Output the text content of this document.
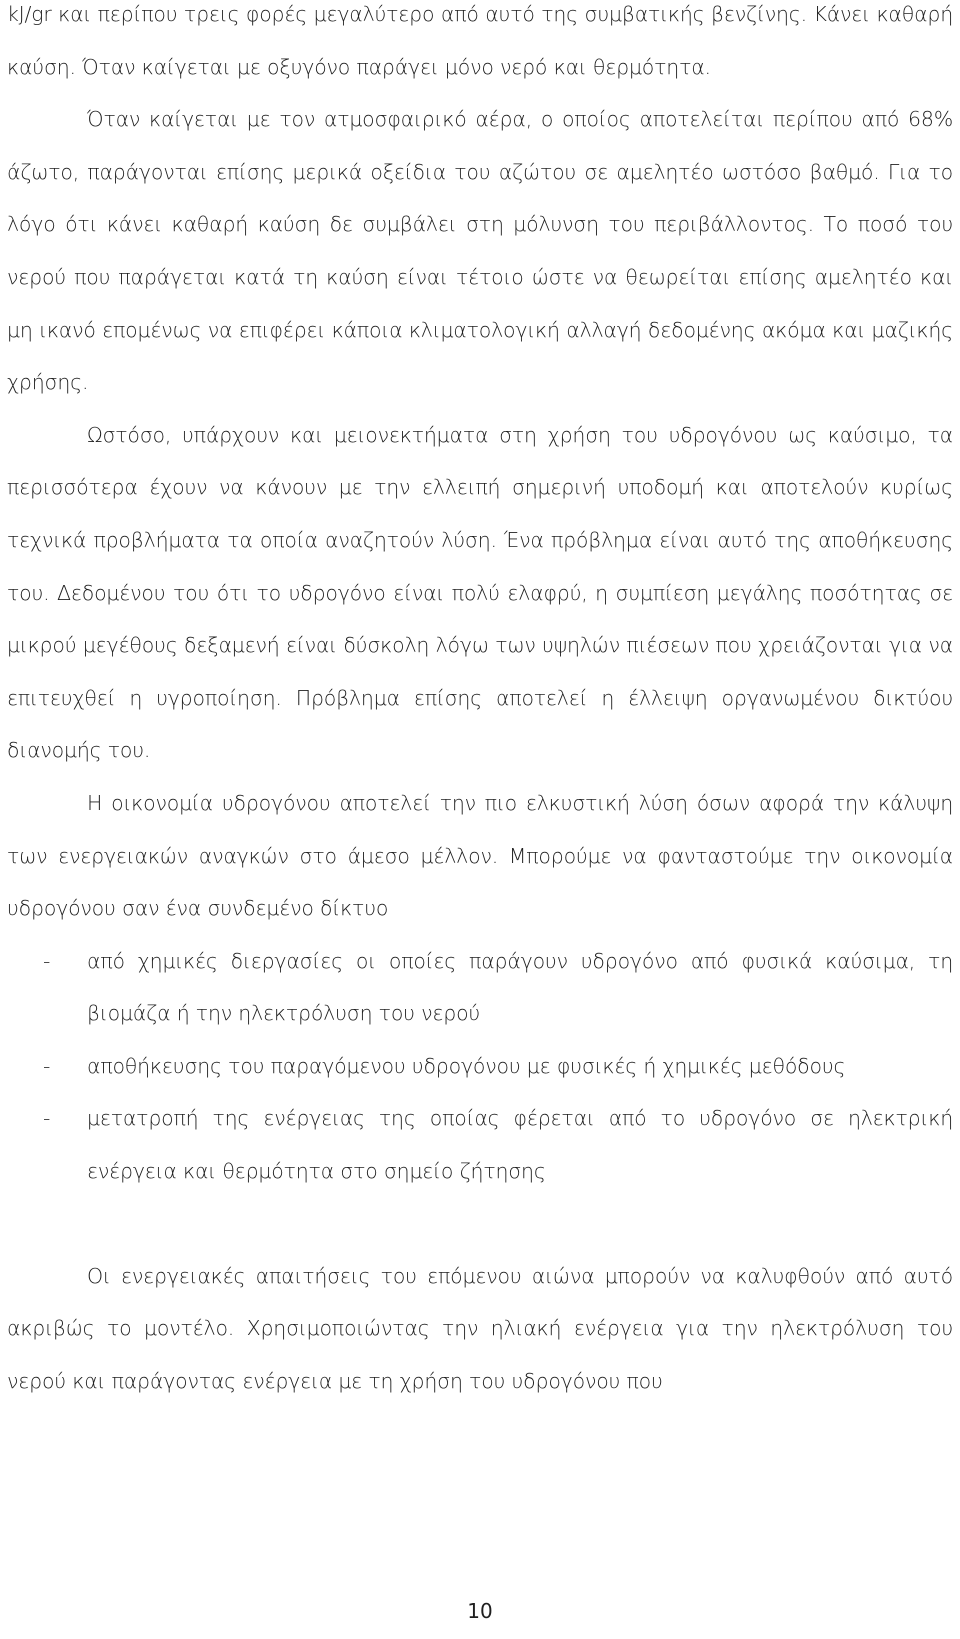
kJ/gr και περίπου τρεις φορές μεγαλύτερο από αυτό της συμβατικής βενζίνης. Κάνει καθαρή καύση. Όταν καίγεται με οξυγόνο παράγει μόνο νερό και θερμότητα.

Όταν καίγεται με τον ατμοσφαιρικό αέρα, ο οποίος αποτελείται περίπου από 68% άζωτο, παράγονται επίσης μερικά οξείδια του αζώτου σε αμελητέο ωστόσο βαθμό. Για το λόγο ότι κάνει καθαρή καύση δε συμβάλει στη μόλυνση του περιβάλλοντος. Το ποσό του νερού που παράγεται κατά τη καύση είναι τέτοιο ώστε να θεωρείται επίσης αμελητέο και μη ικανό επομένως να επιφέρει κάποια κλιματολογική αλλαγή δεδομένης ακόμα και μαζικής χρήσης.

Ωστόσο, υπάρχουν και μειονεκτήματα στη χρήση του υδρογόνου ως καύσιμο, τα περισσότερα έχουν να κάνουν με την ελλειπή σημερινή υποδομή και αποτελούν κυρίως τεχνικά προβλήματα τα οποία αναζητούν λύση. Ένα πρόβλημα είναι αυτό της αποθήκευσης του. Δεδομένου του ότι το υδρογόνο είναι πολύ ελαφρύ, η συμπίεση μεγάλης ποσότητας σε μικρού μεγέθους δεξαμενή είναι δύσκολη λόγω των υψηλών πιέσεων που χρειάζονται για να επιτευχθεί η υγροποίηση. Πρόβλημα επίσης αποτελεί η έλλειψη οργανωμένου δικτύου διανομής του.

Η οικονομία υδρογόνου αποτελεί την πιο ελκυστική λύση όσων αφορά την κάλυψη των ενεργειακών αναγκών στο άμεσο μέλλον. Μπορούμε να φανταστούμε την οικονομία υδρογόνου σαν ένα συνδεμένο δίκτυο

- από χημικές διεργασίες οι οποίες παράγουν υδρογόνο από φυσικά καύσιμα, τη βιομάζα ή την ηλεκτρόλυση του νερού
- αποθήκευσης του παραγόμενου υδρογόνου με φυσικές ή χημικές μεθόδους
- μετατροπή της ενέργειας της οποίας φέρεται από το υδρογόνο σε ηλεκτρική ενέργεια και θερμότητα στο σημείο ζήτησης

Οι ενεργειακές απαιτήσεις του επόμενου αιώνα μπορούν να καλυφθούν από αυτό ακριβώς το μοντέλο. Χρησιμοποιώντας την ηλιακή ενέργεια για την ηλεκτρόλυση του νερού και παράγοντας ενέργεια με τη χρήση του υδρογόνου που

10
